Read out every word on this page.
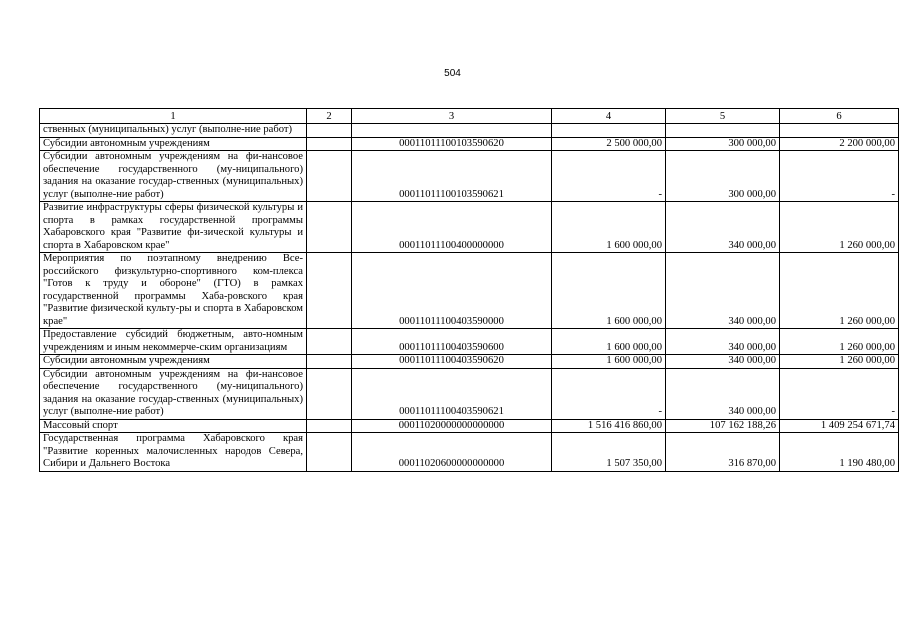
504
1	2	3	4	5	6
ственных (муниципальных) услуг (выполне-ние работ)					
Субсидии автономным учреждениям		00011011100103590620	2 500 000,00	300 000,00	2 200 000,00
Субсидии автономным учреждениям на фи-нансовое обеспечение государственного (му-ниципального) задания на оказание государ-ственных (муниципальных) услуг (выполне-ние работ)		00011011100103590621	-	300 000,00	-
Развитие инфраструктуры сферы физической культуры и спорта в рамках государственной программы Хабаровского края "Развитие фи-зической культуры и спорта в Хабаровском крае"		00011011100400000000	1 600 000,00	340 000,00	1 260 000,00
Мероприятия по поэтапному внедрению Все-российского физкультурно-спортивного ком-плекса "Готов к труду и обороне" (ГТО) в рамках государственной программы Хаба-ровского края "Развитие физической культу-ры и спорта в Хабаровском крае"		00011011100403590000	1 600 000,00	340 000,00	1 260 000,00
Предоставление субсидий бюджетным, авто-номным учреждениям и иным некоммерче-ским организациям		00011011100403590600	1 600 000,00	340 000,00	1 260 000,00
Субсидии автономным учреждениям		00011011100403590620	1 600 000,00	340 000,00	1 260 000,00
Субсидии автономным учреждениям на фи-нансовое обеспечение государственного (му-ниципального) задания на оказание государ-ственных (муниципальных) услуг (выполне-ние работ)		00011011100403590621	-	340 000,00	-
Массовый спорт		00011020000000000000	1 516 416 860,00	107 162 188,26	1 409 254 671,74
Государственная программа Хабаровского края "Развитие коренных малочисленных народов Севера, Сибири и Дальнего Востока		00011020600000000000	1 507 350,00	316 870,00	1 190 480,00
